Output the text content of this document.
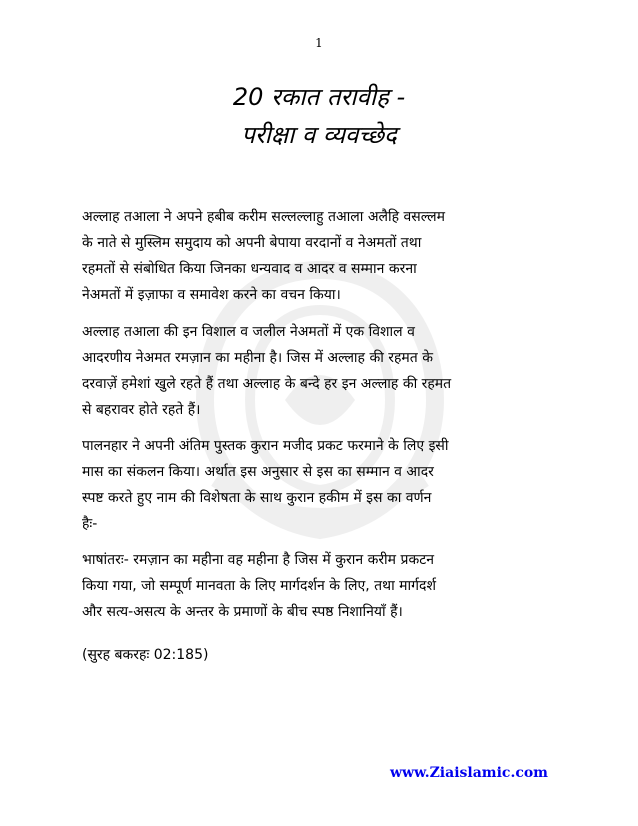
1
20 रकात तरावीह -
परीक्षा व व्यवच्छेद

अल्लाह तआला ने अपने हबीब करीम सल्लल्लाहु तआला अलैहि वसल्लम
के नाते से मुस्लिम समुदाय को अपनी बेपाया वरदानों व नेअमतों तथा
रहमतों से संबोधित किया जिनका धन्यवाद व आदर व सम्मान करना
नेअमतों में इज़ाफा व समावेश करने का वचन किया।

अल्लाह तआला की इन विशाल व जलील नेअमतों में एक विशाल व
आदरणीय नेअमत रमज़ान का महीना है। जिस में अल्लाह की रहमत के
दरवाज़ें हमेशां खुले रहते हैं तथा अल्लाह के बन्दे हर इन अल्लाह की रहमत
से बहरावर होते रहते हैं।

पालनहार ने अपनी अंतिम पुस्तक कुरान मजीद प्रकट फरमाने के लिए इसी
मास का संकलन किया। अर्थात इस अनुसार से इस का सम्मान व आदर
स्पष्ट करते हुए नाम की विशेषता के साथ कुरान हकीम में इस का वर्णन
हैः-

भाषांतरः- रमज़ान का महीना वह महीना है जिस में कुरान करीम प्रकटन
किया गया, जो सम्पूर्ण मानवता के लिए मार्गदर्शन के लिए, तथा मार्गदर्श
और सत्य-असत्य के अन्तर के प्रमाणों के बीच स्पष्ठ निशानियाँ हैं।

(सुरह बकरहः 02:185)

www.Ziaislamic.com
